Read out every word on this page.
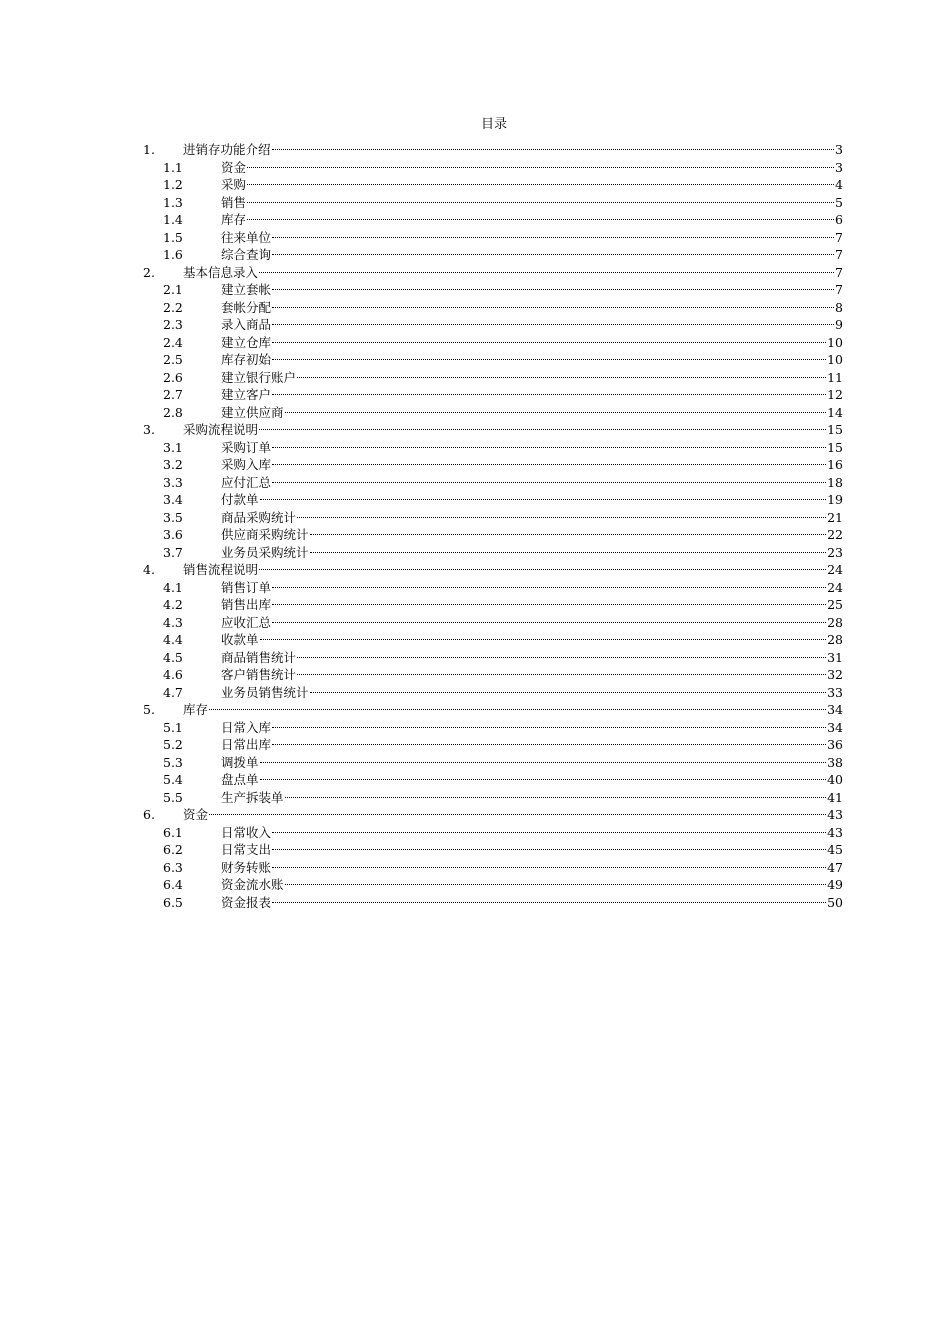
目录
1.	进销存功能介绍	3
1.1	资金	3
1.2	采购	4
1.3	销售	5
1.4	库存	6
1.5	往来单位	7
1.6	综合查询	7
2.	基本信息录入	7
2.1	建立套帐	7
2.2	套帐分配	8
2.3	录入商品	9
2.4	建立仓库	10
2.5	库存初始	10
2.6	建立银行账户	11
2.7	建立客户	12
2.8	建立供应商	14
3.	采购流程说明	15
3.1	采购订单	15
3.2	采购入库	16
3.3	应付汇总	18
3.4	付款单	19
3.5	商品采购统计	21
3.6	供应商采购统计	22
3.7	业务员采购统计	23
4.	销售流程说明	24
4.1	销售订单	24
4.2	销售出库	25
4.3	应收汇总	28
4.4	收款单	28
4.5	商品销售统计	31
4.6	客户销售统计	32
4.7	业务员销售统计	33
5.	库存	34
5.1	日常入库	34
5.2	日常出库	36
5.3	调拨单	38
5.4	盘点单	40
5.5	生产拆装单	41
6.	资金	43
6.1	日常收入	43
6.2	日常支出	45
6.3	财务转账	47
6.4	资金流水账	49
6.5	资金报表	50
